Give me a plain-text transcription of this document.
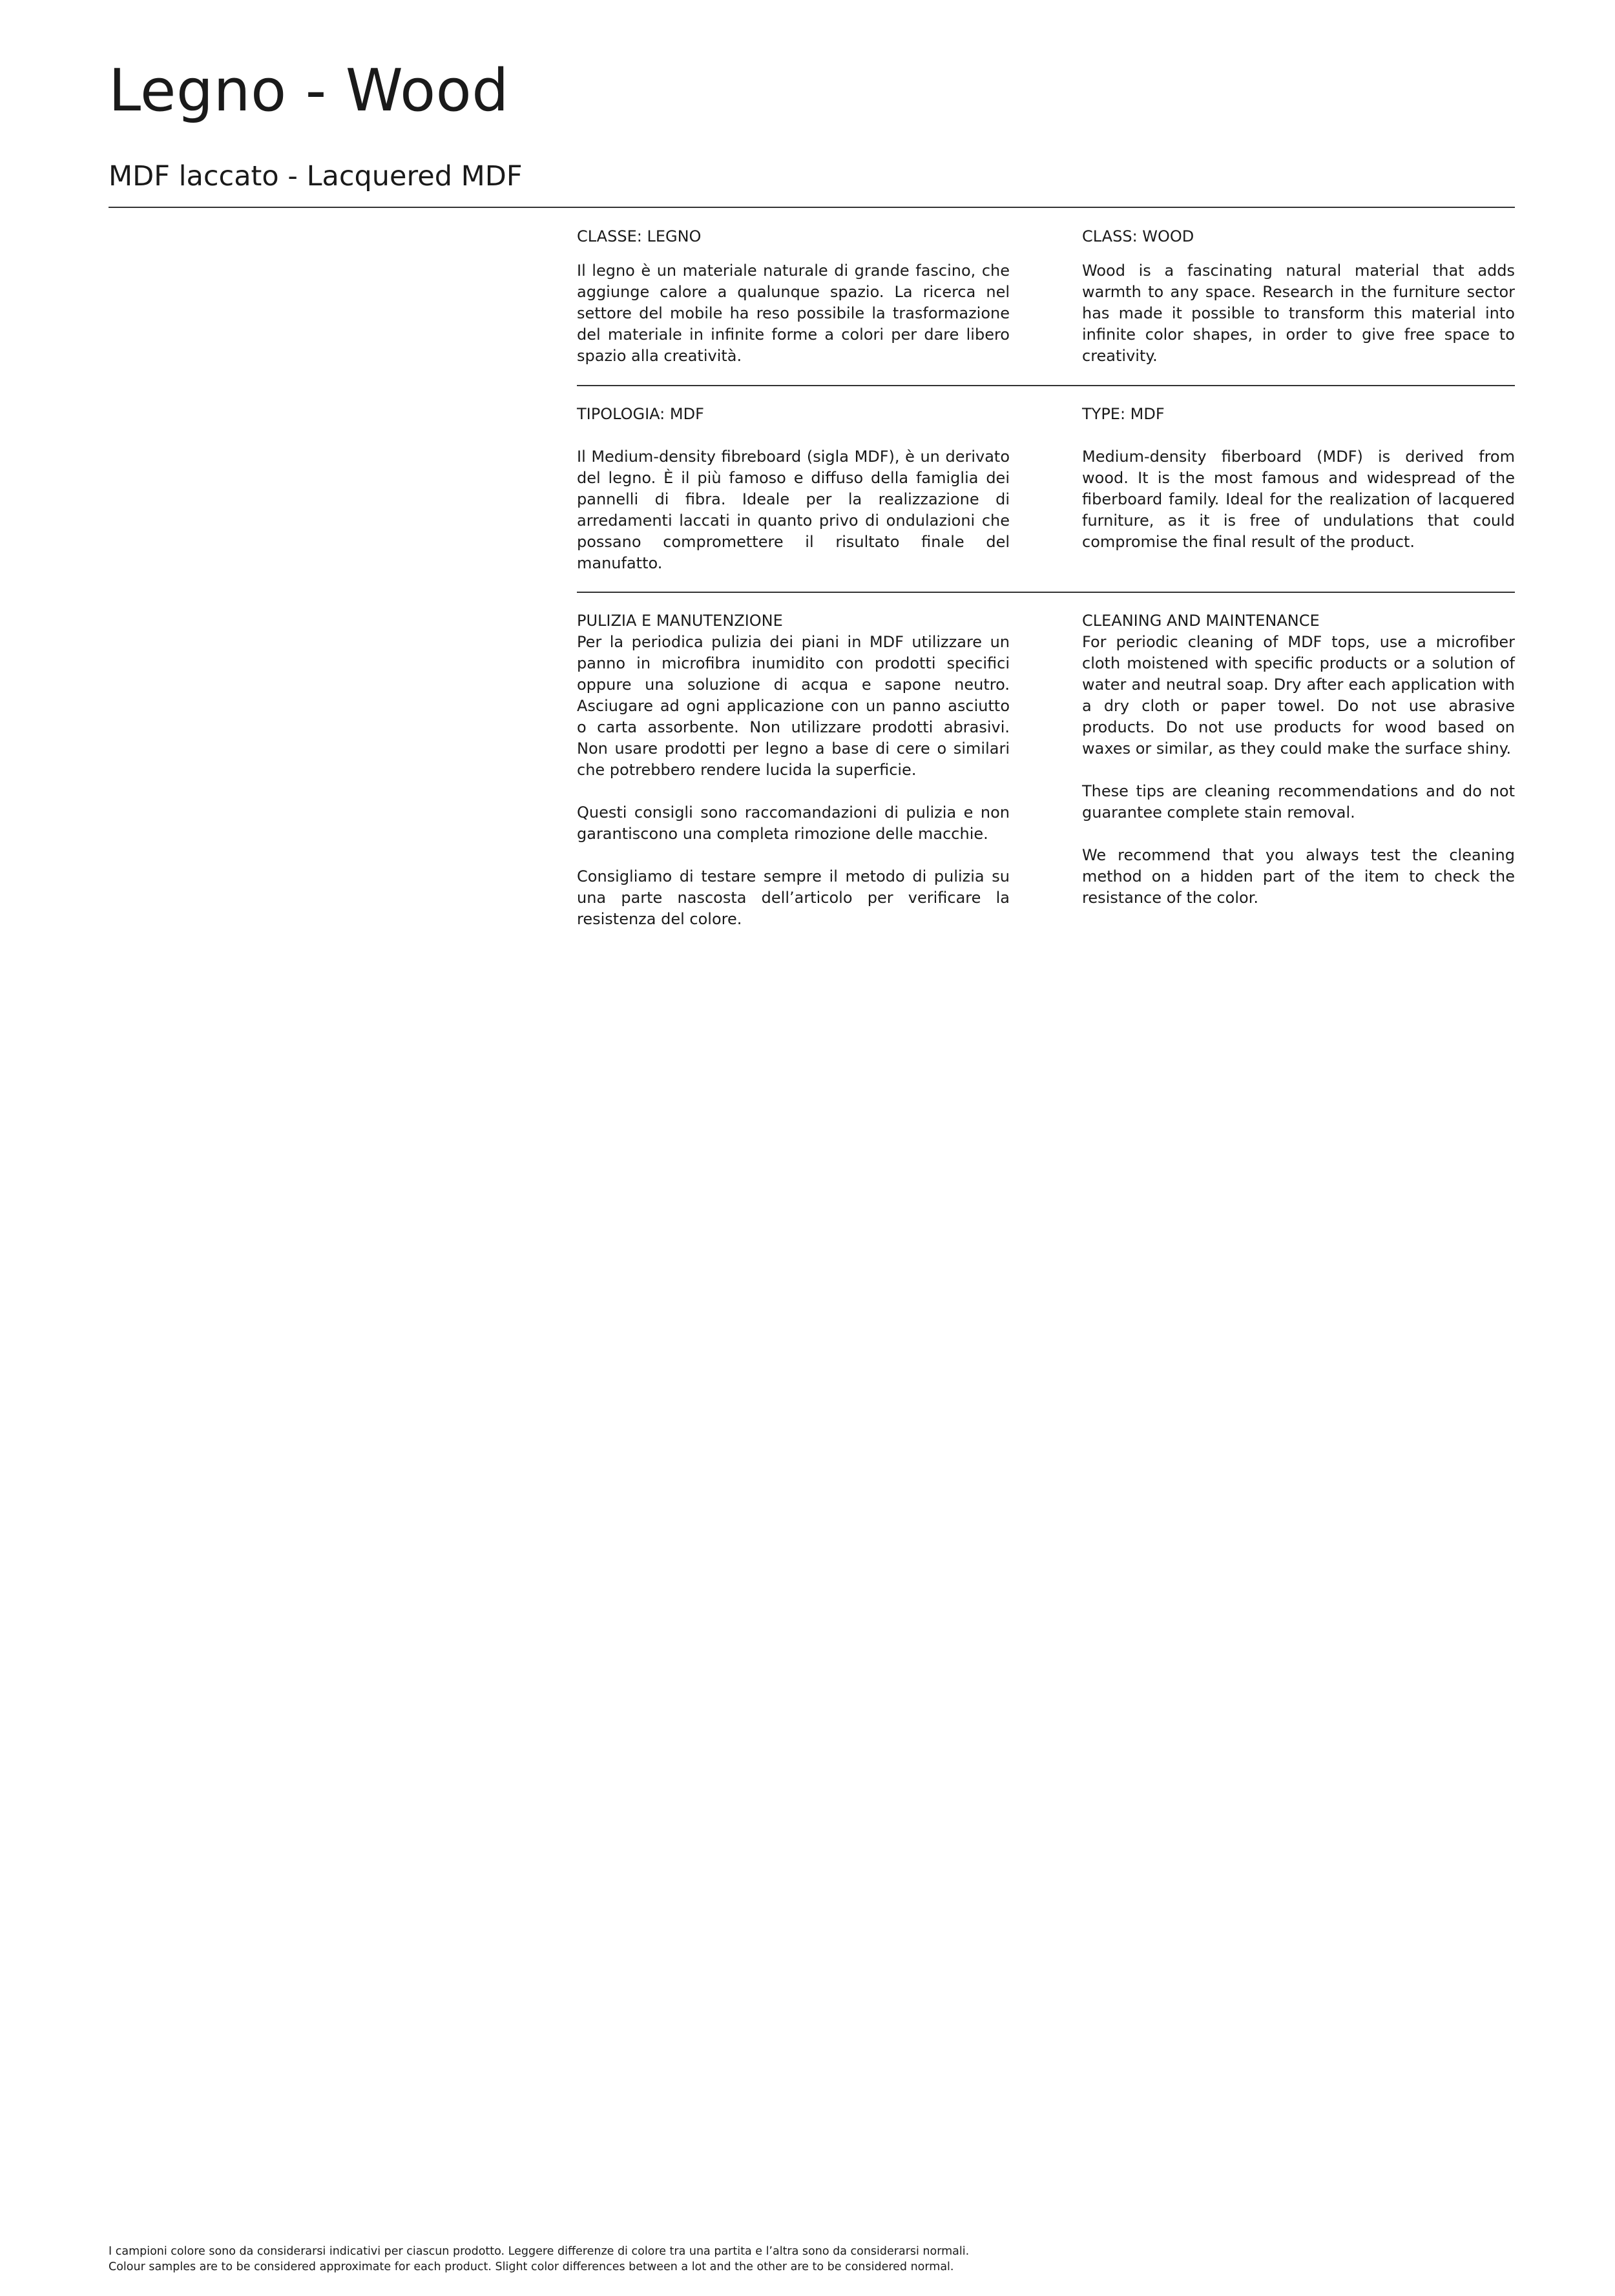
Legno - Wood
MDF laccato - Lacquered MDF
CLASSE: LEGNO

Il legno è un materiale naturale di grande fascino, che aggiunge calore a qualunque spazio. La ricerca nel settore del mobile ha reso possibile la trasformazione del materiale in infinite forme a colori per dare libero spazio alla creatività.

CLASS: WOOD

Wood is a fascinating natural material that adds warmth to any space. Research in the furniture sector has made it possible to transform this material into infinite color shapes, in order to give free space to creativity.

TIPOLOGIA: MDF

Il Medium-density fibreboard (sigla MDF), è un derivato del legno. È il più famoso e diffuso della famiglia dei pannelli di fibra. Ideale per la realizzazione di arredamenti laccati in quanto privo di ondulazioni che possano compromettere il risultato finale del manufatto.

TYPE: MDF

Medium-density fiberboard (MDF) is derived from wood. It is the most famous and widespread of the fiberboard family. Ideal for the realization of lacquered furniture, as it is free of undulations that could compromise the final result of the product.

PULIZIA E MANUTENZIONE

Per la periodica pulizia dei piani in MDF utilizzare un panno in microfibra inumidito con prodotti specifici oppure una soluzione di acqua e sapone neutro. Asciugare ad ogni applicazione con un panno asciutto o carta assorbente. Non utilizzare prodotti abrasivi. Non usare prodotti per legno a base di cere o similari che potrebbero rendere lucida la superficie.

Questi consigli sono raccomandazioni di pulizia e non garantiscono una completa rimozione delle macchie.

Consigliamo di testare sempre il metodo di pulizia su una parte nascosta dell’articolo per verificare la resistenza del colore.

CLEANING AND MAINTENANCE

For periodic cleaning of MDF tops, use a microfiber cloth moistened with specific products or a solution of water and neutral soap. Dry after each application with a dry cloth or paper towel. Do not use abrasive products. Do not use products for wood based on waxes or similar, as they could make the surface shiny.

These tips are cleaning recommendations and do not guarantee complete stain removal.

We recommend that you always test the cleaning method on a hidden part of the item to check the resistance of the color.

I campioni colore sono da considerarsi indicativi per ciascun prodotto. Leggere differenze di colore tra una partita e l’altra sono da considerarsi normali.
Colour samples are to be considered approximate for each product. Slight color differences between a lot and the other are to be considered normal.
